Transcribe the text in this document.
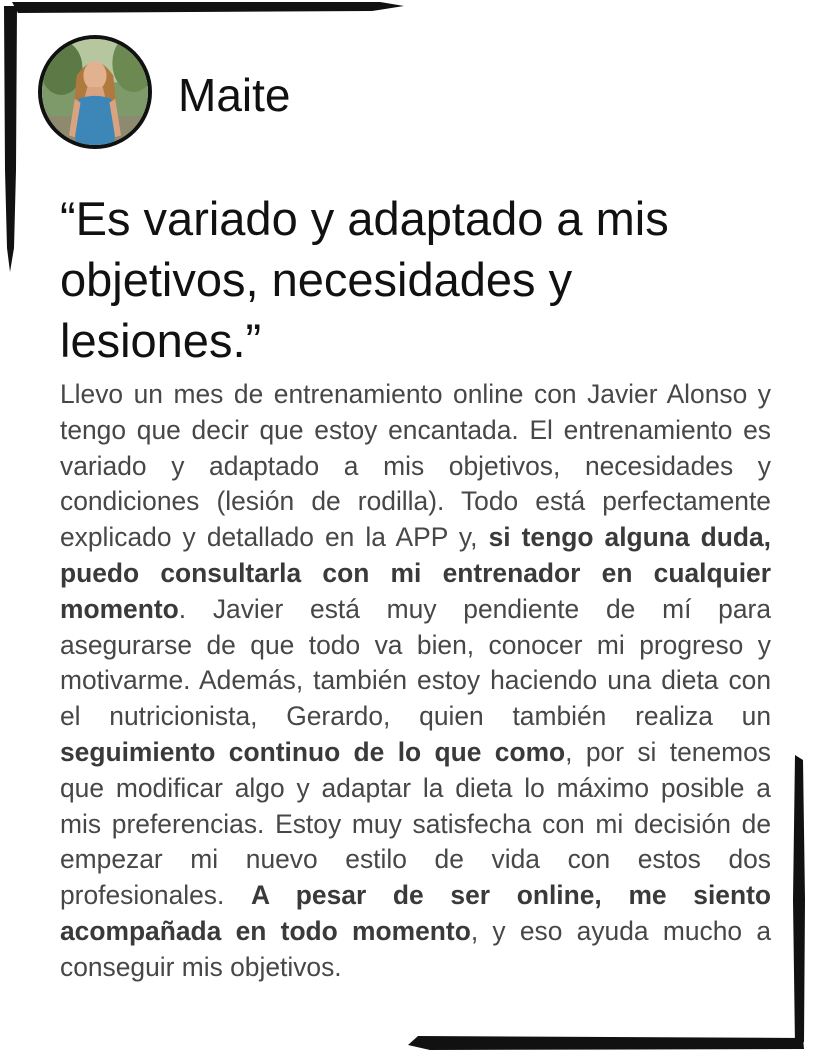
Maite
“Es variado y adaptado a mis objetivos, necesidades y lesiones.”

Llevo un mes de entrenamiento online con Javier Alonso y tengo que decir que estoy encantada. El entrenamiento es variado y adaptado a mis objetivos, necesidades y condiciones (lesión de rodilla). Todo está perfectamente explicado y detallado en la APP y, si tengo alguna duda, puedo consultarla con mi entrenador en cualquier momento. Javier está muy pendiente de mí para asegurarse de que todo va bien, conocer mi progreso y motivarme. Además, también estoy haciendo una dieta con el nutricionista, Gerardo, quien también realiza un seguimiento continuo de lo que como, por si tenemos que modificar algo y adaptar la dieta lo máximo posible a mis preferencias. Estoy muy satisfecha con mi decisión de empezar mi nuevo estilo de vida con estos dos profesionales. A pesar de ser online, me siento acompañada en todo momento, y eso ayuda mucho a conseguir mis objetivos.
